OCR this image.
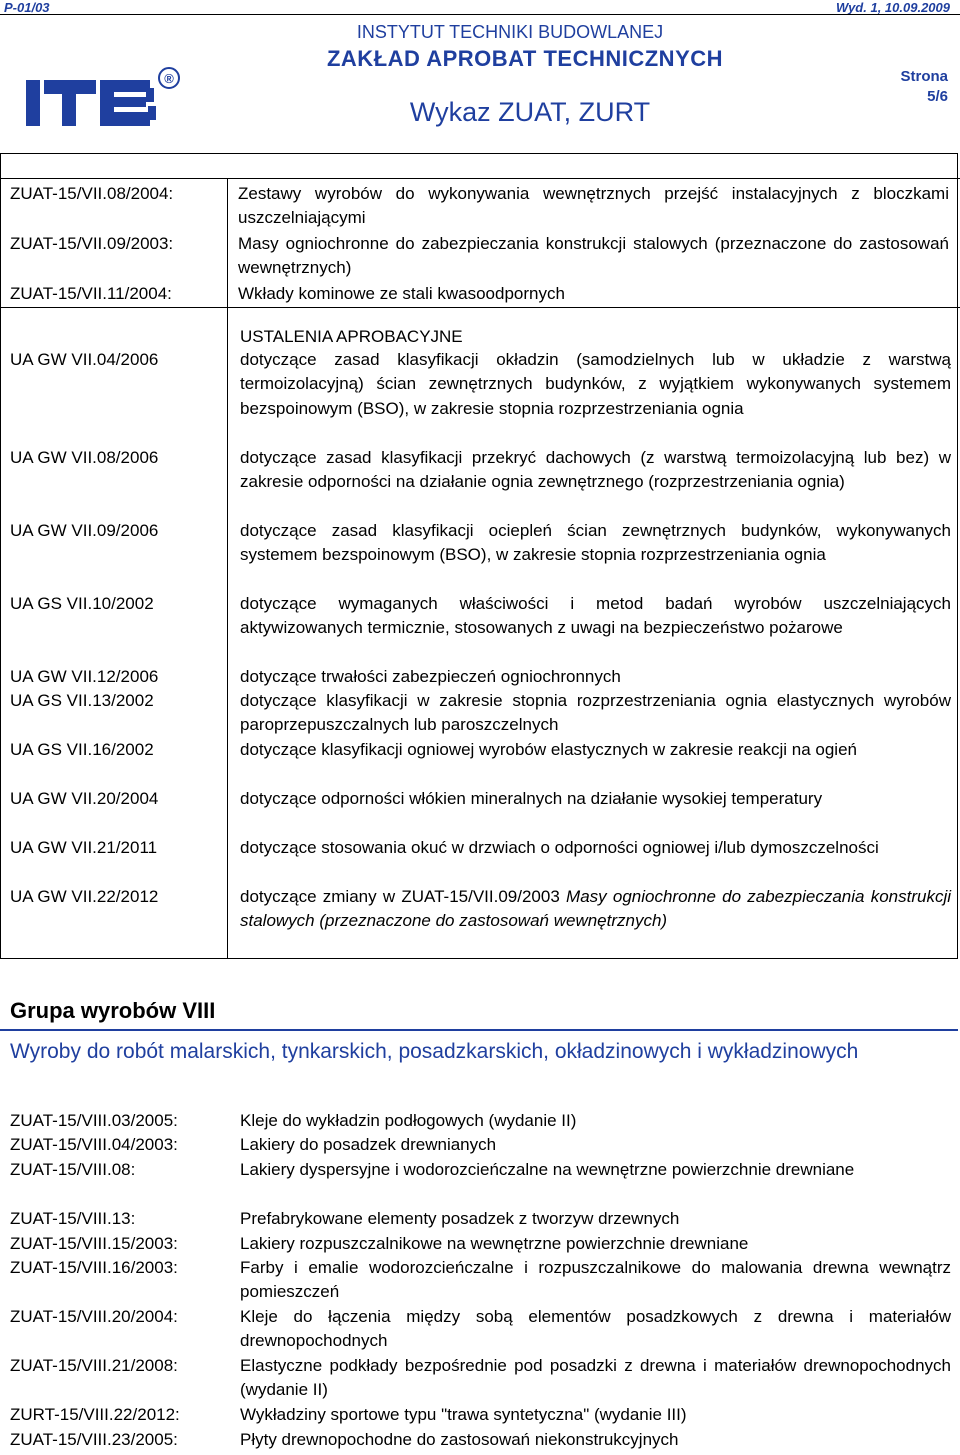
P-01/03	Wyd. 1, 10.09.2009
®
INSTYTUT TECHNIKI BUDOWLANEJ
ZAKŁAD APROBAT TECHNICZNYCH
Wykaz ZUAT, ZURT
Strona
5/6
ZUAT-15/VII.08/2004:	Zestawy wyrobów do wykonywania wewnętrznych przejść instalacyjnych z bloczkami uszczelniającymi
ZUAT-15/VII.09/2003:	Masy ogniochronne do zabezpieczania konstrukcji stalowych (przeznaczone do zastosowań wewnętrznych)
ZUAT-15/VII.11/2004:	Wkłady kominowe ze stali kwasoodpornych
USTALENIA APROBACYJNE
UA GW VII.04/2006	dotyczące zasad klasyfikacji okładzin (samodzielnych lub w układzie z warstwą termoizolacyjną) ścian zewnętrznych budynków, z wyjątkiem wykonywanych systemem bezspoinowym (BSO), w zakresie stopnia rozprzestrzeniania ognia
UA GW VII.08/2006	dotyczące zasad klasyfikacji przekryć dachowych (z warstwą termoizolacyjną lub bez) w zakresie odporności na działanie ognia zewnętrznego (rozprzestrzeniania ognia)
UA GW VII.09/2006	dotyczące zasad klasyfikacji ociepleń ścian zewnętrznych budynków, wykonywanych systemem bezspoinowym (BSO), w zakresie stopnia rozprzestrzeniania ognia
UA GS VII.10/2002	dotyczące wymaganych właściwości i metod badań wyrobów uszczelniających aktywizowanych termicznie, stosowanych z uwagi na bezpieczeństwo pożarowe
UA GW VII.12/2006	dotyczące trwałości zabezpieczeń ogniochronnych
UA GS VII.13/2002	dotyczące klasyfikacji w zakresie stopnia rozprzestrzeniania ognia elastycznych wyrobów paroprzepuszczalnych lub paroszczelnych
UA GS VII.16/2002	dotyczące klasyfikacji ogniowej wyrobów elastycznych w zakresie reakcji na ogień
UA GW VII.20/2004	dotyczące odporności włókien mineralnych na działanie wysokiej temperatury
UA GW VII.21/2011	dotyczące stosowania okuć w drzwiach o odporności ogniowej i/lub dymoszczelności
UA GW VII.22/2012	dotyczące zmiany w ZUAT-15/VII.09/2003 Masy ogniochronne do zabezpieczania konstrukcji stalowych (przeznaczone do zastosowań wewnętrznych)
Grupa wyrobów VIII
Wyroby do robót malarskich, tynkarskich, posadzkarskich, okładzinowych i wykładzinowych
ZUAT-15/VIII.03/2005:	Kleje do wykładzin podłogowych (wydanie II)
ZUAT-15/VIII.04/2003:	Lakiery do posadzek drewnianych
ZUAT-15/VIII.08:	Lakiery dyspersyjne i wodorozcieńczalne na wewnętrzne powierzchnie drewniane
ZUAT-15/VIII.13:	Prefabrykowane elementy posadzek z tworzyw drzewnych
ZUAT-15/VIII.15/2003:	Lakiery rozpuszczalnikowe na wewnętrzne powierzchnie drewniane
ZUAT-15/VIII.16/2003:	Farby i emalie wodorozcieńczalne i rozpuszczalnikowe do malowania drewna wewnątrz pomieszczeń
ZUAT-15/VIII.20/2004:	Kleje do łączenia między sobą elementów posadzkowych z drewna i materiałów drewnopochodnych
ZUAT-15/VIII.21/2008:	Elastyczne podkłady bezpośrednie pod posadzki z drewna i materiałów drewnopochodnych (wydanie II)
ZURT-15/VIII.22/2012:	Wykładziny sportowe typu "trawa syntetyczna" (wydanie III)
ZUAT-15/VIII.23/2005:	Płyty drewnopochodne do zastosowań niekonstrukcyjnych
